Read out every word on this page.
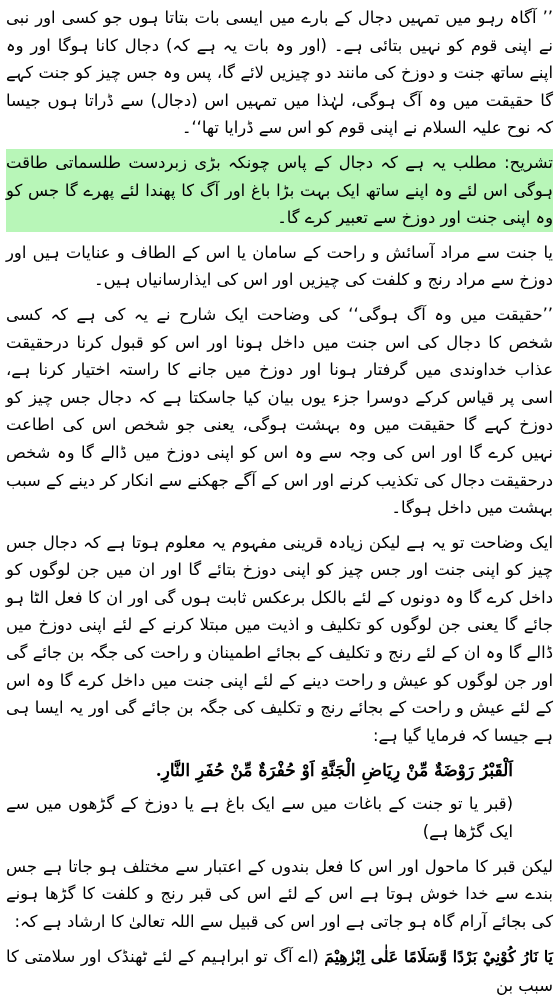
’’ آگاہ رہو میں تمہیں دجال کے بارے میں ایسی بات بتاتا ہوں جو کسی اور نبی نے اپنی قوم کو نہیں بتائی ہے۔ (اور وہ بات یہ ہے کہ) دجال کانا ہوگا اور وہ اپنے ساتھ جنت و دوزخ کی مانند دو چیزیں لائے گا، پس وہ جس چیز کو جنت کہے گا حقیقت میں وہ آگ ہوگی، لہٰذا میں تمہیں اس (دجال) سے ڈراتا ہوں جیسا کہ نوح علیہ السلام نے اپنی قوم کو اس سے ڈرایا تھا‘‘۔

تشریح: مطلب یہ ہے کہ دجال کے پاس چونکہ بڑی زبردست طلسماتی طاقت ہوگی اس لئے وہ اپنے ساتھ ایک بہت بڑا باغ اور آگ کا پھندا لئے پھرے گا جس کو وہ اپنی جنت اور دوزخ سے تعبیر کرے گا۔

یا جنت سے مراد آسائش و راحت کے سامان یا اس کے الطاف و عنایات ہیں اور دوزخ سے مراد رنج و کلفت کی چیزیں اور اس کی ایذارسانیاں ہیں۔

’’حقیقت میں وہ آگ ہوگی‘‘ کی وضاحت ایک شارح نے یہ کی ہے کہ کسی شخص کا دجال کی اس جنت میں داخل ہونا اور اس کو قبول کرنا درحقیقت عذاب خداوندی میں گرفتار ہونا اور دوزخ میں جانے کا راستہ اختیار کرنا ہے، اسی پر قیاس کرکے دوسرا جزء یوں بیان کیا جاسکتا ہے کہ دجال جس چیز کو دوزخ کہے گا حقیقت میں وہ بہشت ہوگی، یعنی جو شخص اس کی اطاعت نہیں کرے گا اور اس کی وجہ سے وہ اس کو اپنی دوزخ میں ڈالے گا وہ شخص درحقیقت دجال کی تکذیب کرنے اور اس کے آگے جھکنے سے انکار کر دینے کے سبب بہشت میں داخل ہوگا۔

ایک وضاحت تو یہ ہے لیکن زیادہ قرینی مفہوم یہ معلوم ہوتا ہے کہ دجال جس چیز کو اپنی جنت اور جس چیز کو اپنی دوزخ بتائے گا اور ان میں جن لوگوں کو داخل کرے گا وہ دونوں کے لئے بالکل برعکس ثابت ہوں گی اور ان کا فعل الٹا ہو جائے گا یعنی جن لوگوں کو تکلیف و اذیت میں مبتلا کرنے کے لئے اپنی دوزخ میں ڈالے گا وہ ان کے لئے رنج و تکلیف کے بجائے اطمینان و راحت کی جگہ بن جائے گی اور جن لوگوں کو عیش و راحت دینے کے لئے اپنی جنت میں داخل کرے گا وہ اس کے لئے عیش و راحت کے بجائے رنج و تکلیف کی جگہ بن جائے گی اور یہ ایسا ہی ہے جیسا کہ فرمایا گیا ہے:

اَلْقَبْرُ رَوْضَةٌ مِّنْ رِيَاضِ الْجَنَّةِ اَوْ حُفْرَةٌ مِّنْ حُفَرِ النَّارِ.

(قبر یا تو جنت کے باغات میں سے ایک باغ ہے یا دوزخ کے گڑھوں میں سے ایک گڑھا ہے)

لیکن قبر کا ماحول اور اس کا فعل بندوں کے اعتبار سے مختلف ہو جاتا ہے جس بندے سے خدا خوش ہوتا ہے اس کے لئے اس کی قبر رنج و کلفت کا گڑھا ہونے کی بجائے آرام گاہ ہو جاتی ہے اور اس کی قبیل سے اللہ تعالیٰ کا ارشاد ہے کہ:

يَا نَارُ كُوْنِيْ بَرْدًا وَّسَلَامًا عَلٰى اِبْرٰهِيْمَ (اے آگ تو ابراہیم کے لئے ٹھنڈک اور سلامتی کا سبب بن
